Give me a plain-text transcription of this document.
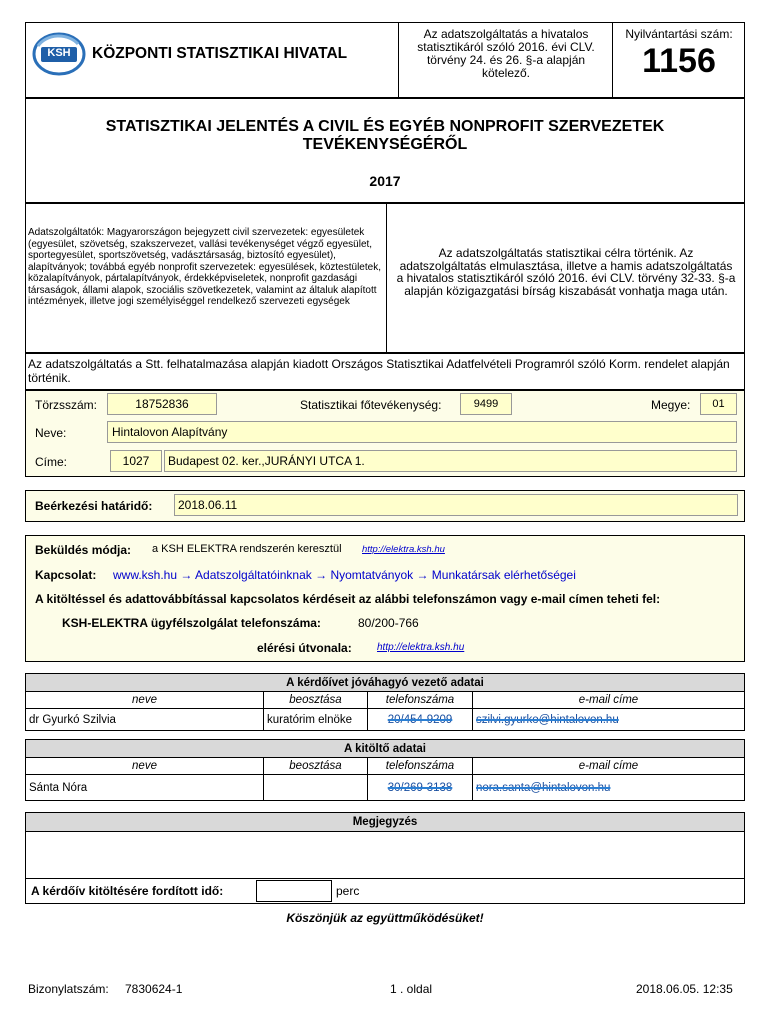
KSH KÖZPONTI STATISZTIKAI HIVATAL
Az adatszolgáltatás a hivatalos statisztikáról szóló 2016. évi CLV. törvény 24. és 26. §-a alapján kötelező.
Nyilvántartási szám:
1156
STATISZTIKAI JELENTÉS A CIVIL ÉS EGYÉB NONPROFIT SZERVEZETEK TEVÉKENYSÉGÉRŐL
2017
Adatszolgáltatók: Magyarországon bejegyzett civil szervezetek: egyesületek (egyesület, szövetség, szakszervezet, vallási tevékenységet végző egyesület, sportegyesület, sportszövetség, vadásztársaság, biztosító egyesület), alapítványok; továbbá egyéb nonprofit szervezetek: egyesülések, köztestületek, közalapítványok, pártalapítványok, érdekképviseletek, nonprofit gazdasági társaságok, állami alapok, szociális szövetkezetek, valamint az általuk alapított intézmények, illetve jogi személyiséggel rendelkező szervezeti egységek
Az adatszolgáltatás statisztikai célra történik. Az adatszolgáltatás elmulasztása, illetve a hamis adatszolgáltatás a hivatalos statisztikáról szóló 2016. évi CLV. törvény 32-33. §-a alapján közigazgatási bírság kiszabását vonhatja maga után.
Az adatszolgáltatás a Stt. felhatalmazása alapján kiadott Országos Statisztikai Adatfelvételi Programról szóló Korm. rendelet alapján történik.
Törzsszám:	18752836	Statisztikai főtevékenység:	9499	Megye:	01
Neve:	Hintalovon Alapítvány
Címe:	1027	Budapest 02. ker.,JURÁNYI UTCA 1.
Beérkezési határidő:	2018.06.11
Beküldés módja: a KSH ELEKTRA rendszerén keresztül http://elektra.ksh.hu
Kapcsolat: www.ksh.hu → Adatszolgáltatóinknak → Nyomtatványok → Munkatársak elérhetőségei
A kitöltéssel és adattovábbítással kapcsolatos kérdéseit az alábbi telefonszámon vagy e-mail címen teheti fel:
KSH-ELEKTRA ügyfélszolgálat telefonszáma:	80/200-766
elérési útvonala:	http://elektra.ksh.hu
A kérdőívet jóváhagyó vezető adatai			
neve	beosztása	telefonszáma	e-mail címe
dr Gyurkó Szilvia	kuratórim elnöke	20/454-9209	szilvi.gyurko@hintalovon.hu
A kitöltő adatai			
neve	beosztása	telefonszáma	e-mail címe
Sánta Nóra		30/269-3138	nora.santa@hintalovon.hu
Megjegyzés
A kérdőív kitöltésére fordított idő:	perc
Köszönjük az együttműködésüket!
Bizonylatszám: 7830624-1	1 . oldal	2018.06.05. 12:35
